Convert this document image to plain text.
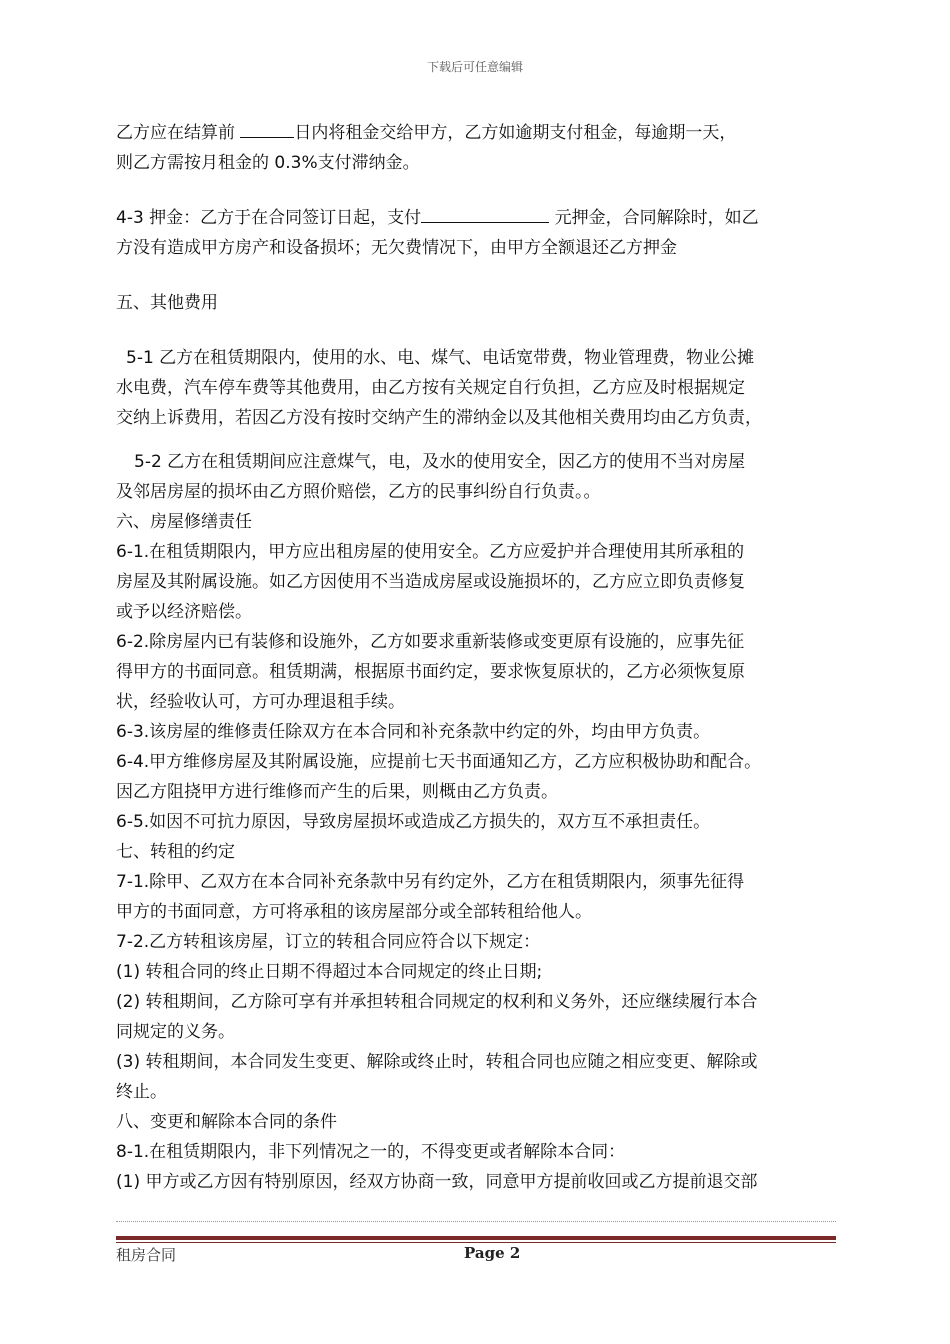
下载后可任意编辑

乙方应在结算前	日内将租金交给甲方，乙方如逾期支付租金，每逾期一天，

则乙方需按月租金的 0.3%支付滞纳金。

4-3 押金：乙方于在合同签订日起，支付	元押金，合同解除时，如乙

方没有造成甲方房产和设备损坏；无欠费情况下，由甲方全额退还乙方押金

五、其他费用

5-1 乙方在租赁期限内，使用的水、电、煤气、电话宽带费，物业管理费，物业公摊

水电费，汽车停车费等其他费用，由乙方按有关规定自行负担，乙方应及时根据规定

交纳上诉费用，若因乙方没有按时交纳产生的滞纳金以及其他相关费用均由乙方负责，

5-2 乙方在租赁期间应注意煤气，电，及水的使用安全，因乙方的使用不当对房屋

及邻居房屋的损坏由乙方照价赔偿，乙方的民事纠纷自行负责。。

六、房屋修缮责任

6-1.在租赁期限内，甲方应出租房屋的使用安全。乙方应爱护并合理使用其所承租的

房屋及其附属设施。如乙方因使用不当造成房屋或设施损坏的，乙方应立即负责修复

或予以经济赔偿。

6-2.除房屋内已有装修和设施外，乙方如要求重新装修或变更原有设施的，应事先征

得甲方的书面同意。租赁期满，根据原书面约定，要求恢复原状的，乙方必须恢复原

状，经验收认可，方可办理退租手续。

6-3.该房屋的维修责任除双方在本合同和补充条款中约定的外，均由甲方负责。

6-4.甲方维修房屋及其附属设施，应提前七天书面通知乙方，乙方应积极协助和配合。

因乙方阻挠甲方进行维修而产生的后果，则概由乙方负责。

6-5.如因不可抗力原因，导致房屋损坏或造成乙方损失的，双方互不承担责任。

七、转租的约定

7-1.除甲、乙双方在本合同补充条款中另有约定外，乙方在租赁期限内，须事先征得

甲方的书面同意，方可将承租的该房屋部分或全部转租给他人。

7-2.乙方转租该房屋，订立的转租合同应符合以下规定：

(1) 转租合同的终止日期不得超过本合同规定的终止日期;

(2) 转租期间，乙方除可享有并承担转租合同规定的权利和义务外，还应继续履行本合

同规定的义务。

(3) 转租期间，本合同发生变更、解除或终止时，转租合同也应随之相应变更、解除或

终止。

八、变更和解除本合同的条件

8-1.在租赁期限内，非下列情况之一的，不得变更或者解除本合同：

(1) 甲方或乙方因有特别原因，经双方协商一致，同意甲方提前收回或乙方提前退交部

租房合同	Page 2
